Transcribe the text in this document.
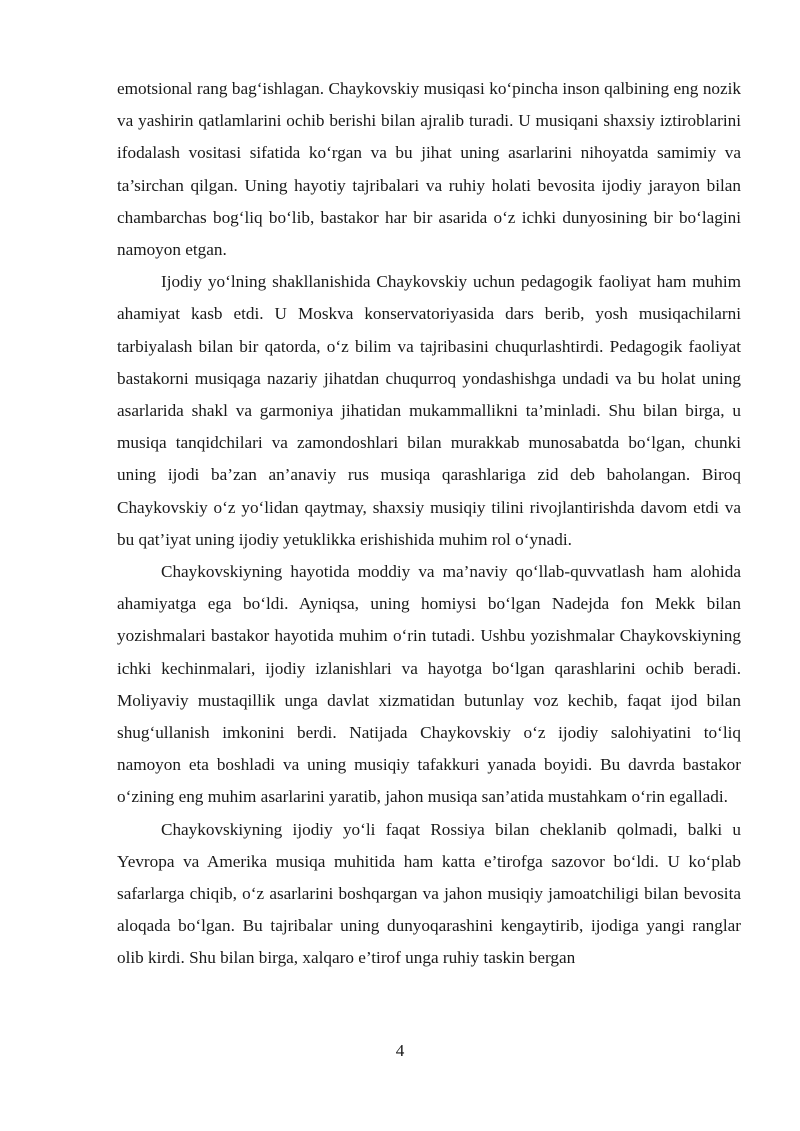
emotsional rang bag‘ishlagan. Chaykovskiy musiqasi ko‘pincha inson qalbining eng nozik va yashirin qatlamlarini ochib berishi bilan ajralib turadi. U musiqani shaxsiy iztiroblarini ifodalash vositasi sifatida ko‘rgan va bu jihat uning asarlarini nihoyatda samimiy va ta’sirchan qilgan. Uning hayotiy tajribalari va ruhiy holati bevosita ijodiy jarayon bilan chambarchas bog‘liq bo‘lib, bastakor har bir asarida o‘z ichki dunyosining bir bo‘lagini namoyon etgan.

Ijodiy yo‘lning shakllanishida Chaykovskiy uchun pedagogik faoliyat ham muhim ahamiyat kasb etdi. U Moskva konservatoriyasida dars berib, yosh musiqachilarni tarbiyalash bilan bir qatorda, o‘z bilim va tajribasini chuqurlashtirdi. Pedagogik faoliyat bastakorni musiqaga nazariy jihatdan chuqurroq yondashishga undadi va bu holat uning asarlarida shakl va garmoniya jihatidan mukammallikni ta’minladi. Shu bilan birga, u musiqa tanqidchilari va zamondoshlari bilan murakkab munosabatda bo‘lgan, chunki uning ijodi ba’zan an’anaviy rus musiqa qarashlariga zid deb baholangan. Biroq Chaykovskiy o‘z yo‘lidan qaytmay, shaxsiy musiqiy tilini rivojlantirishda davom etdi va bu qat’iyat uning ijodiy yetuklikka erishishida muhim rol o‘ynadi.

Chaykovskiyning hayotida moddiy va ma’naviy qo‘llab-quvvatlash ham alohida ahamiyatga ega bo‘ldi. Ayniqsa, uning homiysi bo‘lgan Nadejda fon Mekk bilan yozishmalari bastakor hayotida muhim o‘rin tutadi. Ushbu yozishmalar Chaykovskiyning ichki kechinmalari, ijodiy izlanishlari va hayotga bo‘lgan qarashlarini ochib beradi. Moliyaviy mustaqillik unga davlat xizmatidan butunlay voz kechib, faqat ijod bilan shug‘ullanish imkonini berdi. Natijada Chaykovskiy o‘z ijodiy salohiyatini to‘liq namoyon eta boshladi va uning musiqiy tafakkuri yanada boyidi. Bu davrda bastakor o‘zining eng muhim asarlarini yaratib, jahon musiqa san’atida mustahkam o‘rin egalladi.

Chaykovskiyning ijodiy yo‘li faqat Rossiya bilan cheklanib qolmadi, balki u Yevropa va Amerika musiqa muhitida ham katta e’tirofga sazovor bo‘ldi. U ko‘plab safarlarga chiqib, o‘z asarlarini boshqargan va jahon musiqiy jamoatchiligi bilan bevosita aloqada bo‘lgan. Bu tajribalar uning dunyoqarashini kengaytirib, ijodiga yangi ranglar olib kirdi. Shu bilan birga, xalqaro e’tirof unga ruhiy taskin bergan

4
